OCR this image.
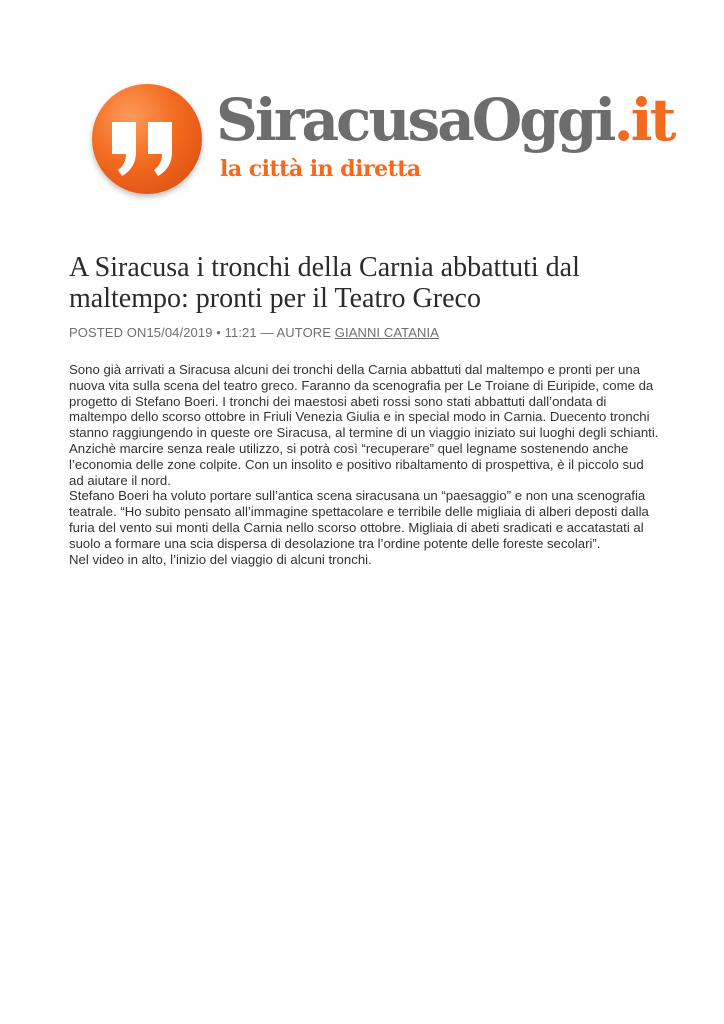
SiracusaOggi.it
la città in diretta
A Siracusa i tronchi della Carnia abbattuti dal maltempo: pronti per il Teatro Greco
POSTED ON15/04/2019 • 11:21 — AUTORE GIANNI CATANIA

Sono già arrivati a Siracusa alcuni dei tronchi della Carnia abbattuti dal maltempo e pronti per una nuova vita sulla scena del teatro greco. Faranno da scenografia per Le Troiane di Euripide, come da progetto di Stefano Boeri. I tronchi dei maestosi abeti rossi sono stati abbattuti dall’ondata di maltempo dello scorso ottobre in Friuli Venezia Giulia e in special modo in Carnia. Duecento tronchi stanno raggiungendo in queste ore Siracusa, al termine di un viaggio iniziato sui luoghi degli schianti. Anzichè marcire senza reale utilizzo, si potrà così “recuperare” quel legname sostenendo anche l’economia delle zone colpite. Con un insolito e positivo ribaltamento di prospettiva, è il piccolo sud ad aiutare il nord.

Stefano Boeri ha voluto portare sull’antica scena siracusana un “paesaggio” e non una scenografia teatrale. “Ho subito pensato all’immagine spettacolare e terribile delle migliaia di alberi deposti dalla furia del vento sui monti della Carnia nello scorso ottobre. Migliaia di abeti sradicati e accatastati al suolo a formare una scia dispersa di desolazione tra l’ordine potente delle foreste secolari”.

Nel video in alto, l’inizio del viaggio di alcuni tronchi.
